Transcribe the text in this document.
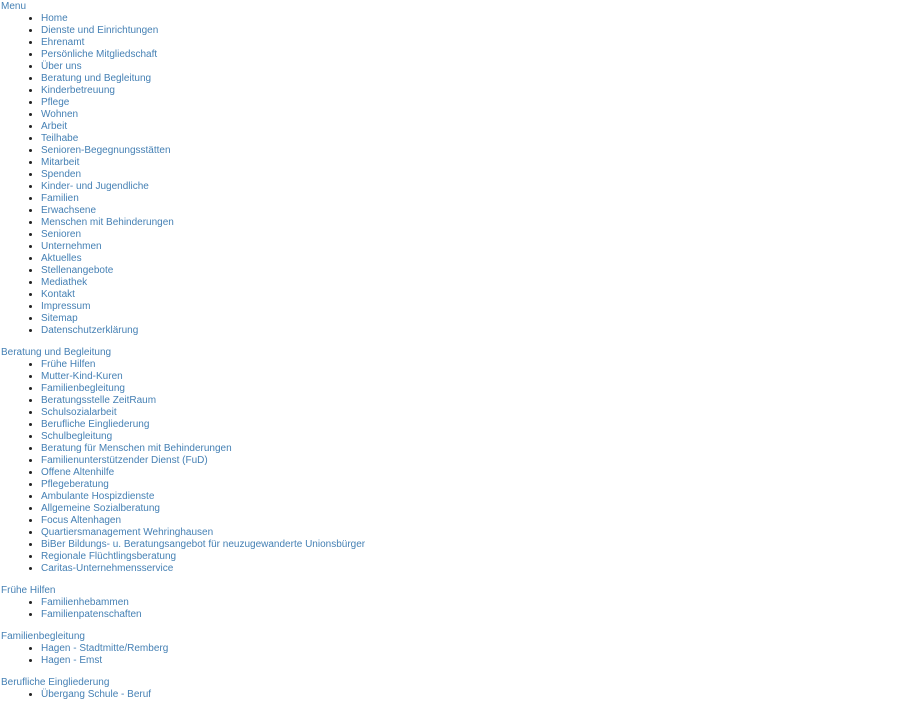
Menu
• Home
• Dienste und Einrichtungen
• Ehrenamt
• Persönliche Mitgliedschaft
• Über uns
• Beratung und Begleitung
• Kinderbetreuung
• Pflege
• Wohnen
• Arbeit
• Teilhabe
• Senioren-Begegnungsstätten
• Mitarbeit
• Spenden
• Kinder- und Jugendliche
• Familien
• Erwachsene
• Menschen mit Behinderungen
• Senioren
• Unternehmen
• Aktuelles
• Stellenangebote
• Mediathek
• Kontakt
• Impressum
• Sitemap
• Datenschutzerklärung
Beratung und Begleitung
• Frühe Hilfen
• Mutter-Kind-Kuren
• Familienbegleitung
• Beratungsstelle ZeitRaum
• Schulsozialarbeit
• Berufliche Eingliederung
• Schulbegleitung
• Beratung für Menschen mit Behinderungen
• Familienunterstützender Dienst (FuD)
• Offene Altenhilfe
• Pflegeberatung
• Ambulante Hospizdienste
• Allgemeine Sozialberatung
• Focus Altenhagen
• Quartiersmanagement Wehringhausen
• BiBer Bildungs- u. Beratungsangebot für neuzugewanderte Unionsbürger
• Regionale Flüchtlingsberatung
• Caritas-Unternehmensservice
Frühe Hilfen
• Familienhebammen
• Familienpatenschaften
Familienbegleitung
• Hagen - Stadtmitte/Remberg
• Hagen - Emst
Berufliche Eingliederung
• Übergang Schule - Beruf
